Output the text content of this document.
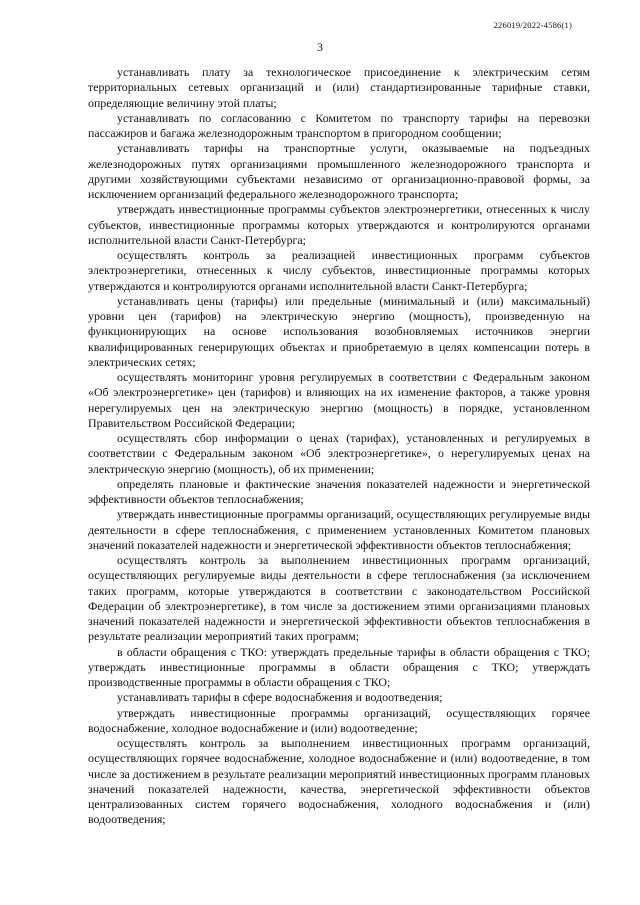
226019/2022-4586(1)
3

устанавливать плату за технологическое присоединение к электрическим сетям территориальных сетевых организаций и (или) стандартизированные тарифные ставки, определяющие величину этой платы;

устанавливать по согласованию с Комитетом по транспорту тарифы на перевозки пассажиров и багажа железнодорожным транспортом в пригородном сообщении;

устанавливать тарифы на транспортные услуги, оказываемые на подъездных железнодорожных путях организациями промышленного железнодорожного транспорта и другими хозяйствующими субъектами независимо от организационно-правовой формы, за исключением организаций федерального железнодорожного транспорта;

утверждать инвестиционные программы субъектов электроэнергетики, отнесенных к числу субъектов, инвестиционные программы которых утверждаются и контролируются органами исполнительной власти Санкт-Петербурга;

осуществлять контроль за реализацией инвестиционных программ субъектов электроэнергетики, отнесенных к числу субъектов, инвестиционные программы которых утверждаются и контролируются органами исполнительной власти Санкт-Петербурга;

устанавливать цены (тарифы) или предельные (минимальный и (или) максимальный) уровни цен (тарифов) на электрическую энергию (мощность), произведенную на функционирующих на основе использования возобновляемых источников энергии квалифицированных генерирующих объектах и приобретаемую в целях компенсации потерь в электрических сетях;

осуществлять мониторинг уровня регулируемых в соответствии с Федеральным законом «Об электроэнергетике» цен (тарифов) и влияющих на их изменение факторов, а также уровня нерегулируемых цен на электрическую энергию (мощность) в порядке, установленном Правительством Российской Федерации;

осуществлять сбор информации о ценах (тарифах), установленных и регулируемых в соответствии с Федеральным законом «Об электроэнергетике», о нерегулируемых ценах на электрическую энергию (мощность), об их применении;

определять плановые и фактические значения показателей надежности и энергетической эффективности объектов теплоснабжения;

утверждать инвестиционные программы организаций, осуществляющих регулируемые виды деятельности в сфере теплоснабжения, с применением установленных Комитетом плановых значений показателей надежности и энергетической эффективности объектов теплоснабжения;

осуществлять контроль за выполнением инвестиционных программ организаций, осуществляющих регулируемые виды деятельности в сфере теплоснабжения (за исключением таких программ, которые утверждаются в соответствии с законодательством Российской Федерации об электроэнергетике), в том числе за достижением этими организациями плановых значений показателей надежности и энергетической эффективности объектов теплоснабжения в результате реализации мероприятий таких программ;

в области обращения с ТКО: утверждать предельные тарифы в области обращения с ТКО; утверждать инвестиционные программы в области обращения с ТКО; утверждать производственные программы в области обращения с ТКО;

устанавливать тарифы в сфере водоснабжения и водоотведения;

утверждать инвестиционные программы организаций, осуществляющих горячее водоснабжение, холодное водоснабжение и (или) водоотведение;

осуществлять контроль за выполнением инвестиционных программ организаций, осуществляющих горячее водоснабжение, холодное водоснабжение и (или) водоотведение, в том числе за достижением в результате реализации мероприятий инвестиционных программ плановых значений показателей надежности, качества, энергетической эффективности объектов централизованных систем горячего водоснабжения, холодного водоснабжения и (или) водоотведения;
